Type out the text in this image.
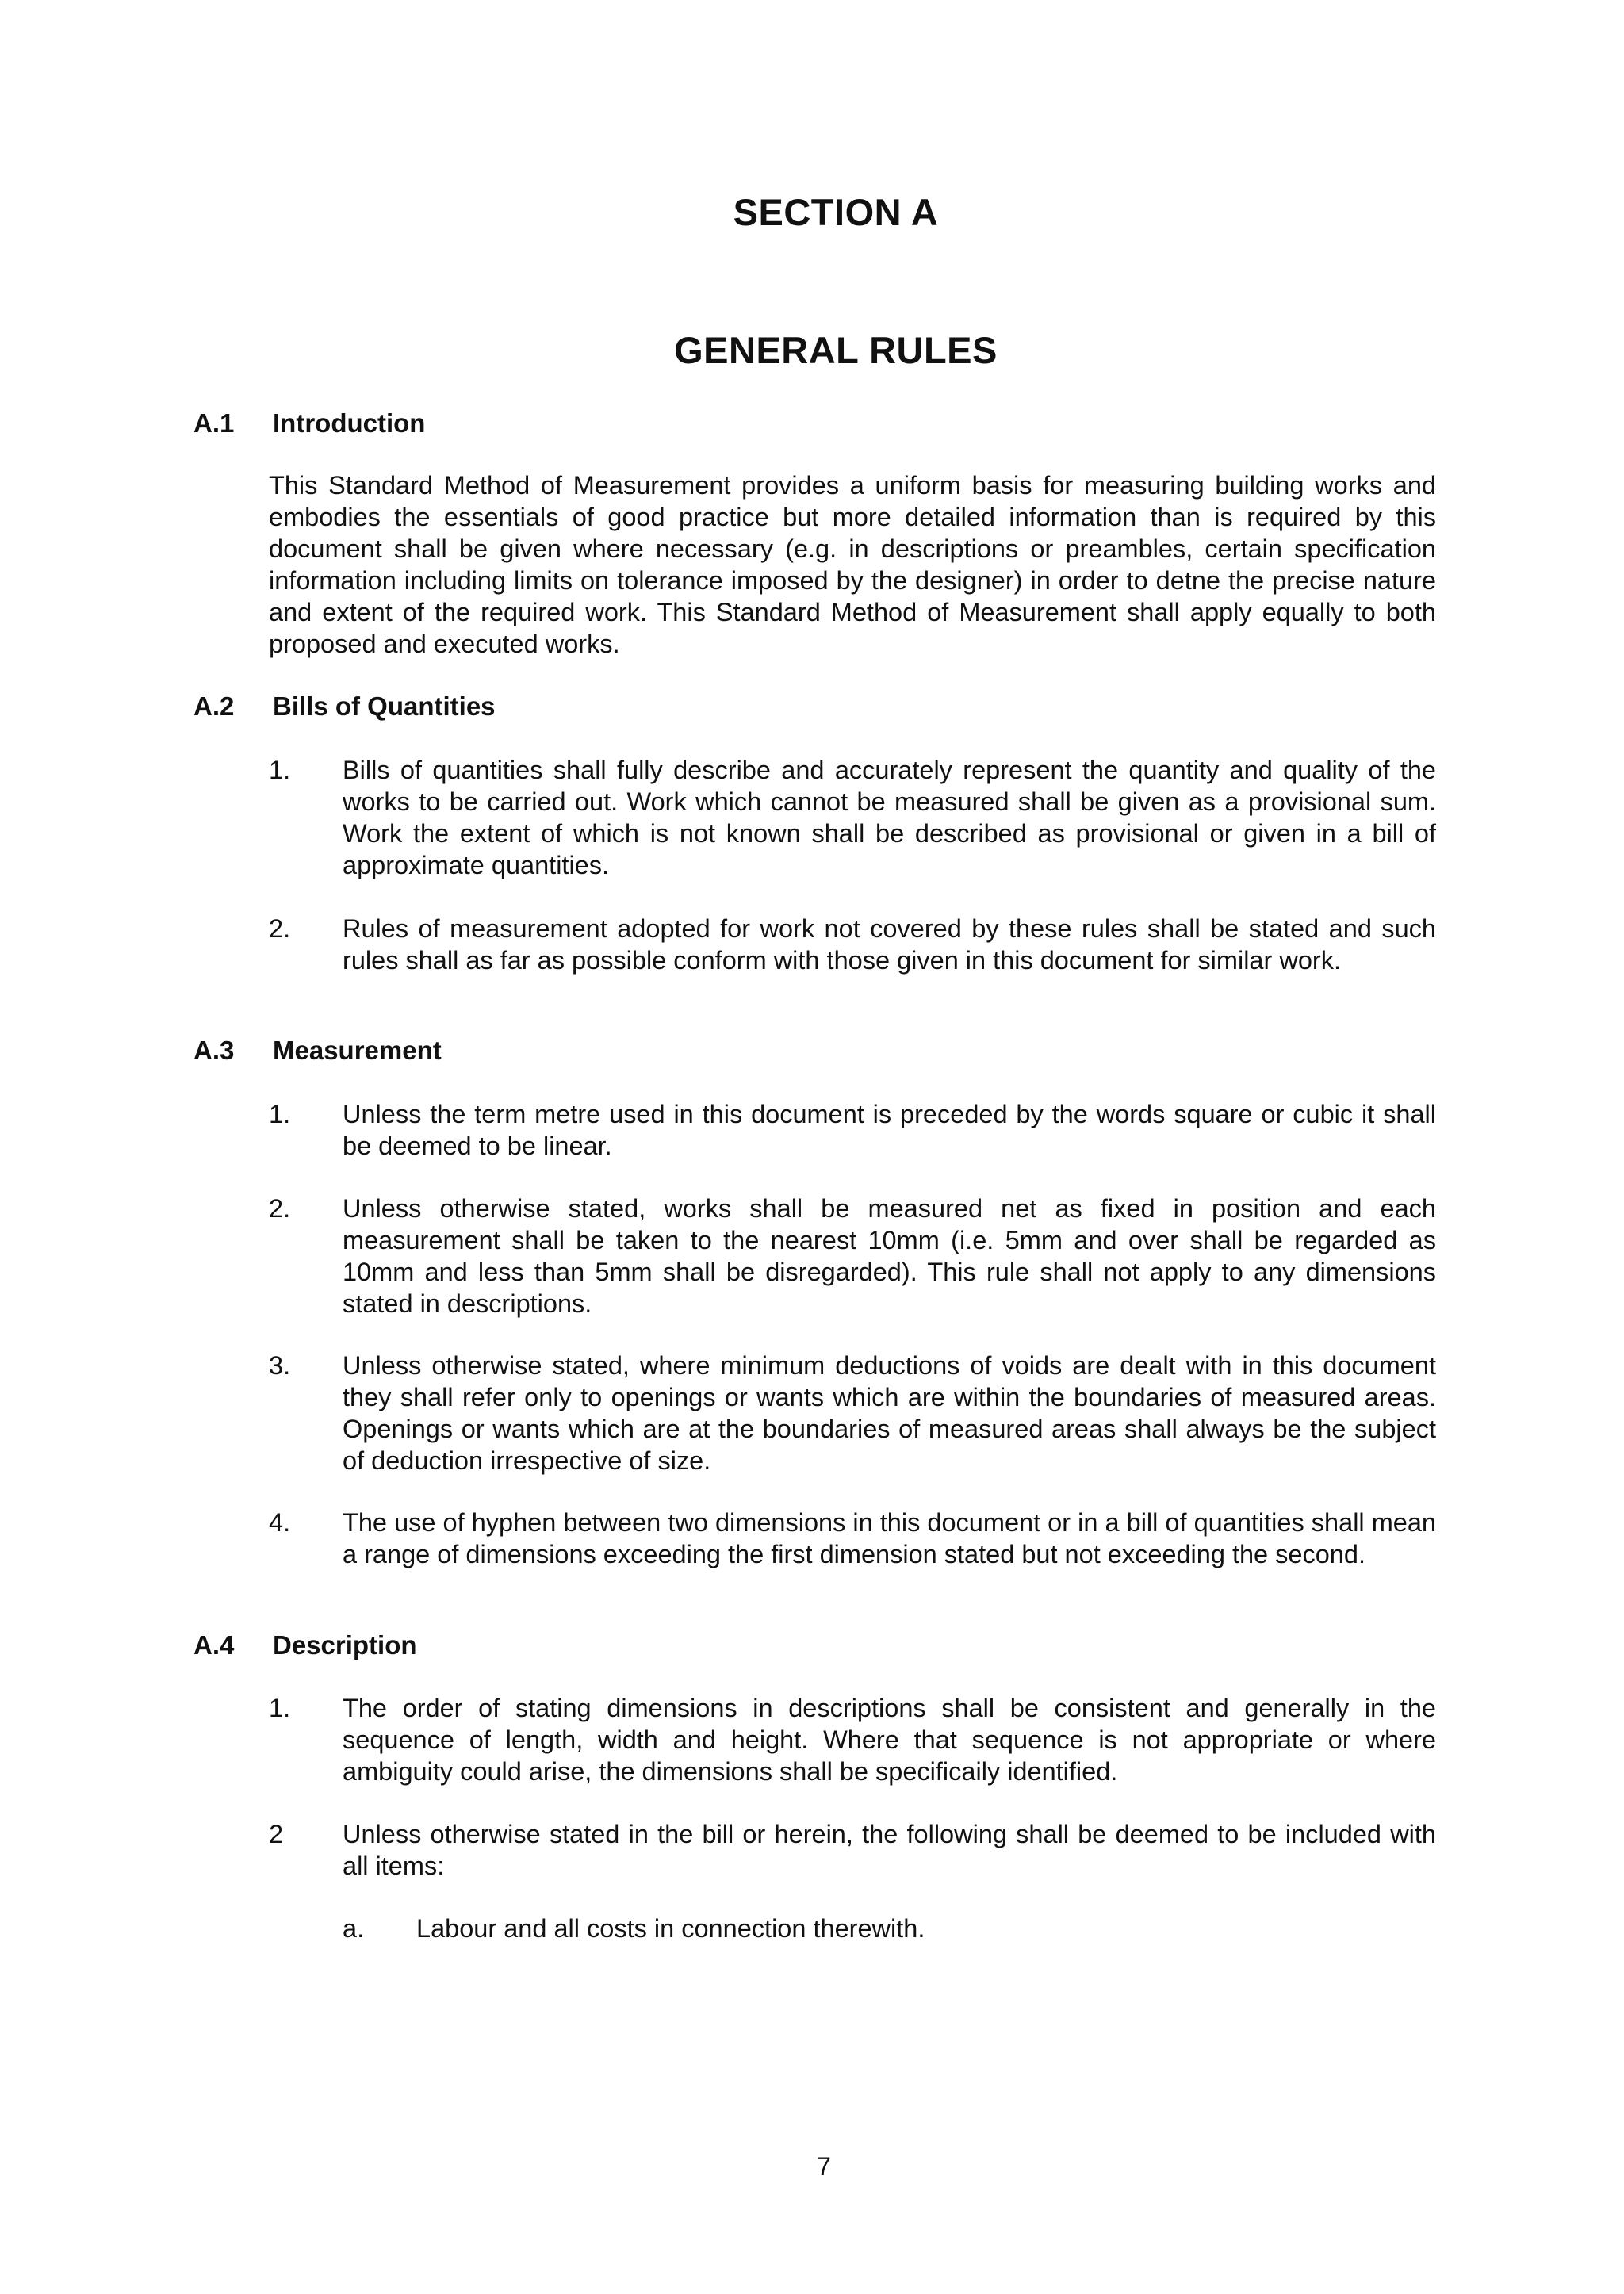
SECTION A
GENERAL RULES
A.1 Introduction

This Standard Method of Measurement provides a uniform basis for measuring building works and embodies the essentials of good practice but more detailed information than is required by this document shall be given where necessary (e.g. in descriptions or preambles, certain specification information including limits on tolerance imposed by the designer) in order to detne the precise nature and extent of the required work. This Standard Method of Measurement shall apply equally to both proposed and executed works.

A.2 Bills of Quantities
1. Bills of quantities shall fully describe and accurately represent the quantity and quality of the works to be carried out. Work which cannot be measured shall be given as a provisional sum. Work the extent of which is not known shall be described as provisional or given in a bill of approximate quantities.
2. Rules of measurement adopted for work not covered by these rules shall be stated and such rules shall as far as possible conform with those given in this document for similar work.
A.3 Measurement
1. Unless the term metre used in this document is preceded by the words square or cubic it shall be deemed to be linear.
2. Unless otherwise stated, works shall be measured net as fixed in position and each measurement shall be taken to the nearest 10mm (i.e. 5mm and over shall be regarded as 10mm and less than 5mm shall be disregarded). This rule shall not apply to any dimensions stated in descriptions.
3. Unless otherwise stated, where minimum deductions of voids are dealt with in this document they shall refer only to openings or wants which are within the boundaries of measured areas. Openings or wants which are at the boundaries of measured areas shall always be the subject of deduction irrespective of size.
4. The use of hyphen between two dimensions in this document or in a bill of quantities shall mean a range of dimensions exceeding the first dimension stated but not exceeding the second.
A.4 Description
1. The order of stating dimensions in descriptions shall be consistent and generally in the sequence of length, width and height. Where that sequence is not appropriate or where ambiguity could arise, the dimensions shall be specificaily identified.
2 Unless otherwise stated in the bill or herein, the following shall be deemed to be included with all items:
a. Labour and all costs in connection therewith.
7
